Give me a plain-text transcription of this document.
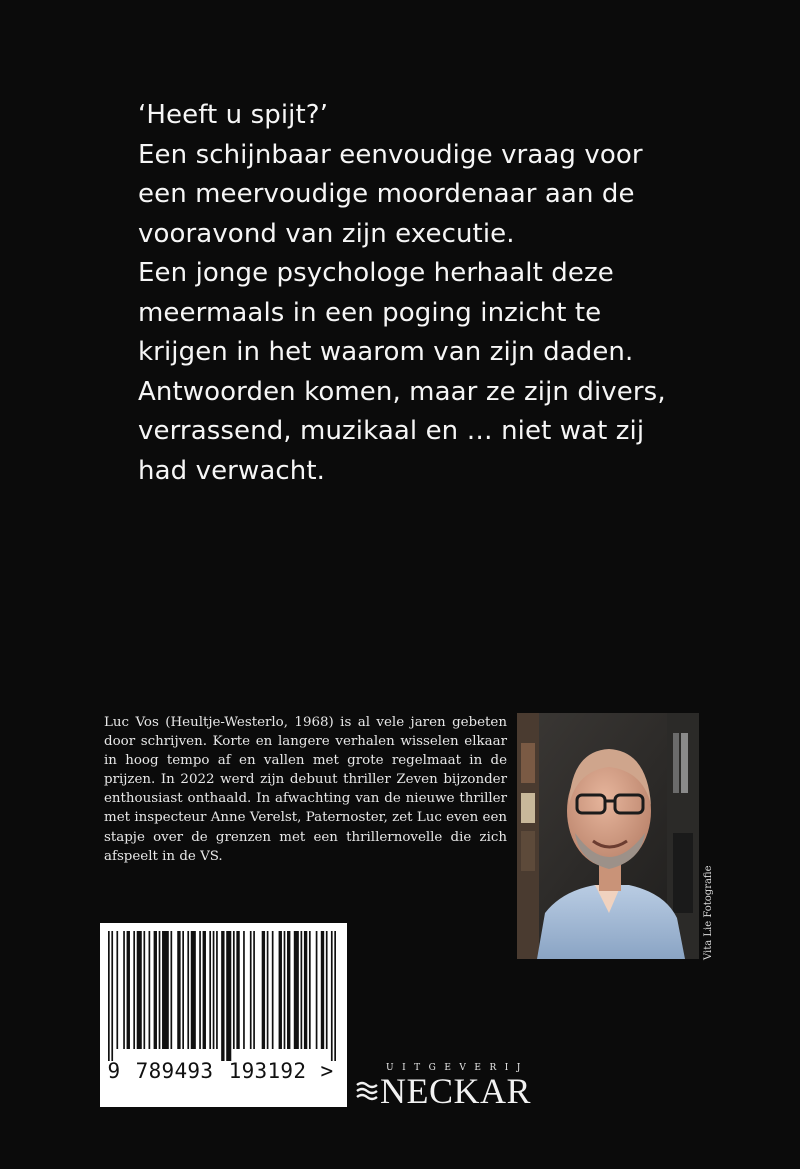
‘Heeft u spijt?’

Een schijnbaar eenvoudige vraag voor een meervoudige moordenaar aan de vooravond van zijn executie.

Een jonge psychologe herhaalt deze meermaals in een poging inzicht te krijgen in het waarom van zijn daden. Antwoorden komen, maar ze zijn divers, verrassend, muzikaal en … niet wat zij had verwacht.

Luc Vos (Heultje-Westerlo, 1968) is al vele jaren gebeten door schrijven. Korte en langere verhalen wisselen elkaar in hoog tempo af en vallen met grote regelmaat in de prijzen. In 2022 werd zijn debuut thriller Zeven bijzonder enthousiast onthaald. In afwachting van de nieuwe thriller met inspecteur Anne Verelst, Paternoster, zet Luc even een stapje over de grenzen met een thrillernovelle die zich afspeelt in de VS.

Vita Lie Fotografie
9 789493 193192 >	UITGEVERIJ
NECKAR
